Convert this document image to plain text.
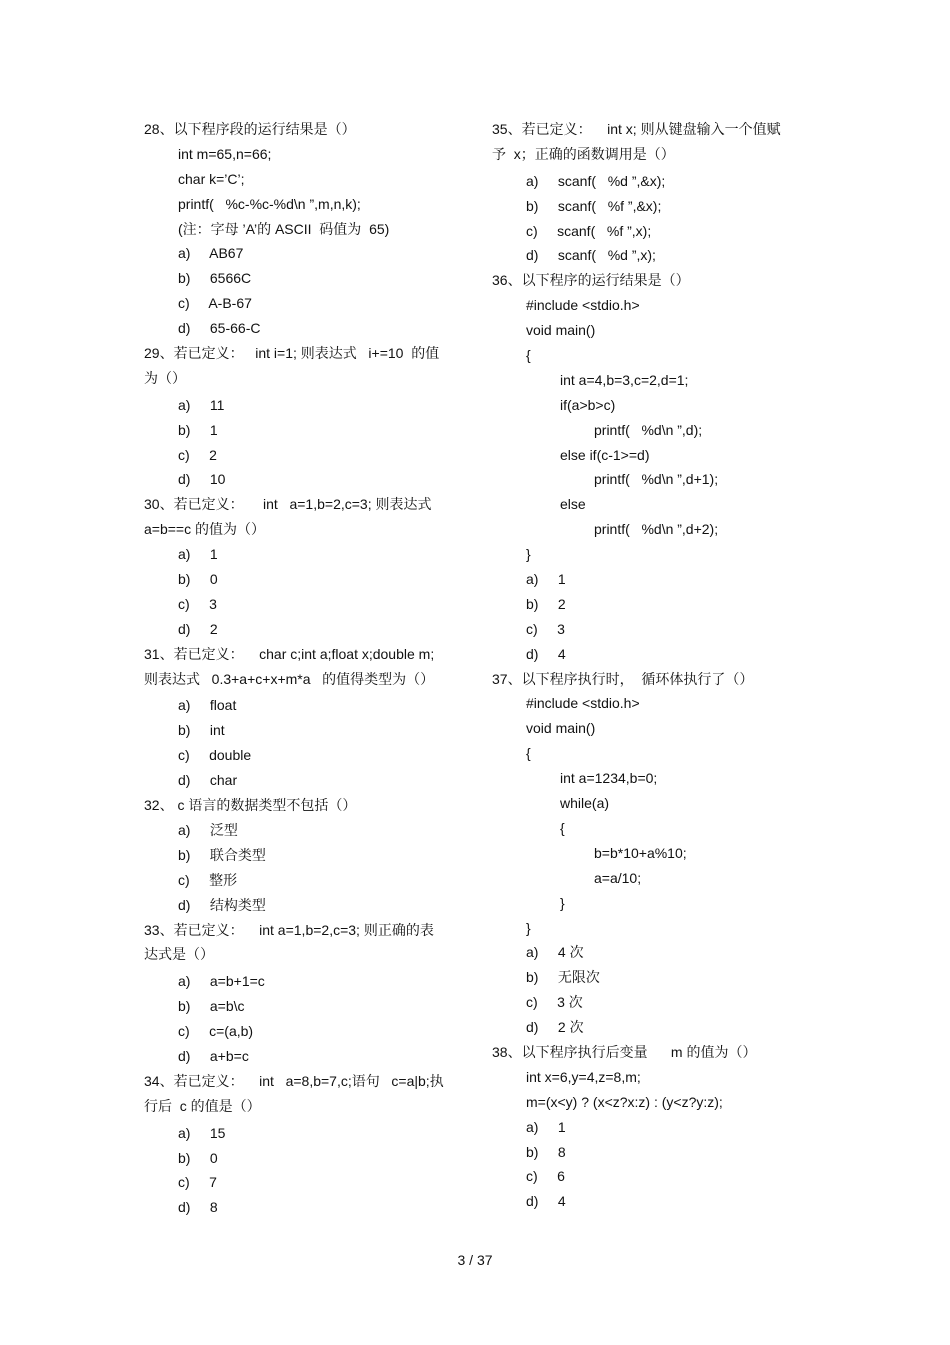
28、以下程序段的运行结果是（）
int m=65,n=66;
char k=’C’;
printf(   %c-%c-%d\n ”,m,n,k);
(注：字母 ’A’的 ASCII  码值为  65)
a)     AB67
b)     6566C
c)     A-B-67
d)     65-66-C
29、若已定义：   int i=1; 则表达式   i+=10  的值
为（）
a)     11
b)     1
c)     2
d)     10
30、若已定义：     int   a=1,b=2,c=3; 则表达式
a=b==c 的值为（）
a)     1
b)     0
c)     3
d)     2
31、若已定义：    char c;int a;float x;double m;
则表达式   0.3+a+c+x+m*a   的值得类型为（）
a)     float
b)     int
c)     double
d)     char
32、 c 语言的数据类型不包括（）
a)     泛型
b)     联合类型
c)     整形
d)     结构类型
33、若已定义：    int a=1,b=2,c=3; 则正确的表
达式是（）
a)     a=b+1=c
b)     a=b\c
c)     c=(a,b)
d)     a+b=c
34、若已定义：    int   a=8,b=7,c;语句   c=a|b;执
行后  c 的值是（）
a)     15
b)     0
c)     7
d)     8
35、若已定义：    int x; 则从键盘输入一个值赋
予  x；正确的函数调用是（）
a)     scanf(   %d ”,&x);
b)     scanf(   %f ”,&x);
c)     scanf(   %f ”,x);
d)     scanf(   %d ”,x);
36、以下程序的运行结果是（）
#include <stdio.h>
void main()
{
int a=4,b=3,c=2,d=1;
if(a>b>c)
printf(   %d\n ”,d);
else if(c-1>=d)
printf(   %d\n ”,d+1);
else
printf(   %d\n ”,d+2);
}
a)     1
b)     2
c)     3
d)     4
37、以下程序执行时，  循环体执行了（）
#include <stdio.h>
void main()
{
int a=1234,b=0;
while(a)
{
b=b*10+a%10;
a=a/10;
}
}
a)     4 次
b)     无限次
c)     3 次
d)     2 次
38、以下程序执行后变量      m 的值为（）
int x=6,y=4,z=8,m;
m=(x<y) ? (x<z?x:z) : (y<z?y:z);
a)     1
b)     8
c)     6
d)     4
3 / 37
